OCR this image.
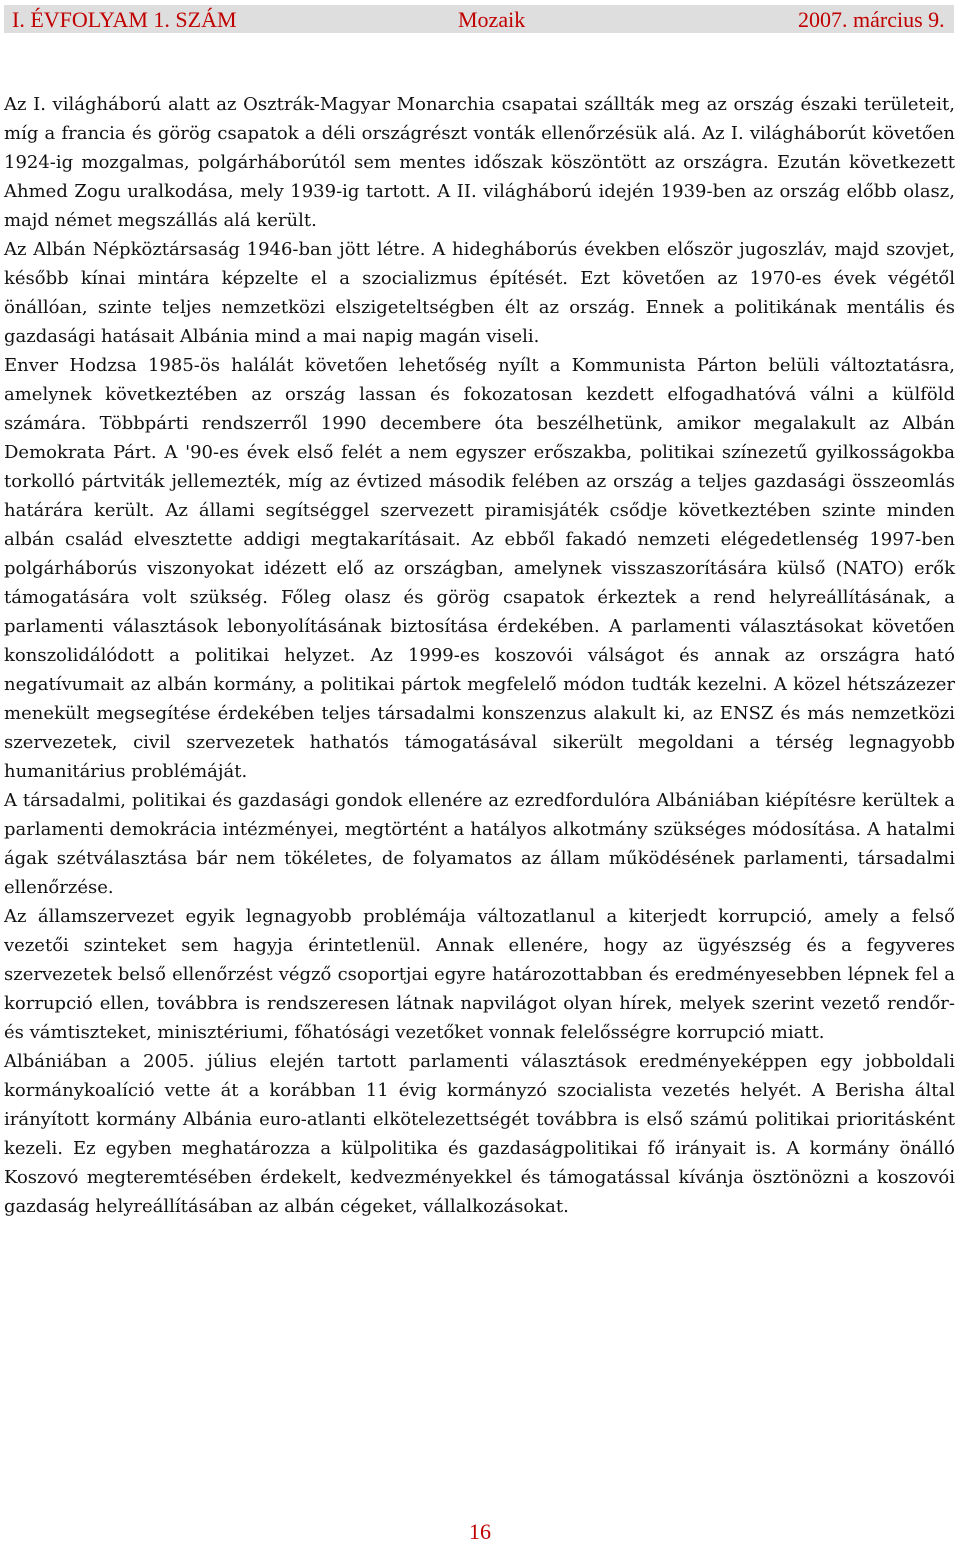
I. ÉVFOLYAM 1. SZÁM	Mozaik	2007. március 9.

Az I. világháború alatt az Osztrák-Magyar Monarchia csapatai szállták meg az ország északi területeit, míg a francia és görög csapatok a déli országrészt vonták ellenőrzésük alá. Az I. világháborút követően 1924-ig mozgalmas, polgárháborútól sem mentes időszak köszöntött az országra. Ezután következett Ahmed Zogu uralkodása, mely 1939-ig tartott. A II. világháború idején 1939-ben az ország előbb olasz, majd német megszállás alá került.

Az Albán Népköztársaság 1946-ban jött létre. A hidegháborús években először jugoszláv, majd szovjet, később kínai mintára képzelte el a szocializmus építését. Ezt követően az 1970-es évek végétől önállóan, szinte teljes nemzetközi elszigeteltségben élt az ország. Ennek a politikának mentális és gazdasági hatásait Albánia mind a mai napig magán viseli.

Enver Hodzsa 1985-ös halálát követően lehetőség nyílt a Kommunista Párton belüli változtatásra, amelynek következtében az ország lassan és fokozatosan kezdett elfogadhatóvá válni a külföld számára. Többpárti rendszerről 1990 decembere óta beszélhetünk, amikor megalakult az Albán Demokrata Párt. A '90-es évek első felét a nem egyszer erőszakba, politikai színezetű gyilkosságokba torkolló pártviták jellemezték, míg az évtized második felében az ország a teljes gazdasági összeomlás határára került. Az állami segítséggel szervezett piramisjáték csődje következtében szinte minden albán család elvesztette addigi megtakarításait. Az ebből fakadó nemzeti elégedetlenség 1997-ben polgárháborús viszonyokat idézett elő az országban, amelynek visszaszorítására külső (NATO) erők támogatására volt szükség. Főleg olasz és görög csapatok érkeztek a rend helyreállításának, a parlamenti választások lebonyolításának biztosítása érdekében. A parlamenti választásokat követően konszolidálódott a politikai helyzet. Az 1999-es koszovói válságot és annak az országra ható negatívumait az albán kormány, a politikai pártok megfelelő módon tudták kezelni. A közel hétszázezer menekült megsegítése érdekében teljes társadalmi konszenzus alakult ki, az ENSZ és más nemzetközi szervezetek, civil szervezetek hathatós támogatásával sikerült megoldani a térség legnagyobb humanitárius problémáját.

A társadalmi, politikai és gazdasági gondok ellenére az ezredfordulóra Albániában kiépítésre kerültek a parlamenti demokrácia intézményei, megtörtént a hatályos alkotmány szükséges módosítása. A hatalmi ágak szétválasztása bár nem tökéletes, de folyamatos az állam működésének parlamenti, társadalmi ellenőrzése.

Az államszervezet egyik legnagyobb problémája változatlanul a kiterjedt korrupció, amely a felső vezetői szinteket sem hagyja érintetlenül. Annak ellenére, hogy az ügyészség és a fegyveres szervezetek belső ellenőrzést végző csoportjai egyre határozottabban és eredményesebben lépnek fel a korrupció ellen, továbbra is rendszeresen látnak napvilágot olyan hírek, melyek szerint vezető rendőr- és vámtiszteket, minisztériumi, főhatósági vezetőket vonnak felelősségre korrupció miatt.

Albániában a 2005. július elején tartott parlamenti választások eredményeképpen egy jobboldali kormánykoalíció vette át a korábban 11 évig kormányzó szocialista vezetés helyét. A Berisha által irányított kormány Albánia euro-atlanti elkötelezettségét továbbra is első számú politikai prioritásként kezeli. Ez egyben meghatározza a külpolitika és gazdaságpolitikai fő irányait is. A kormány önálló Koszovó megteremtésében érdekelt, kedvezményekkel és támogatással kívánja ösztönözni a koszovói gazdaság helyreállításában az albán cégeket, vállalkozásokat.

16
